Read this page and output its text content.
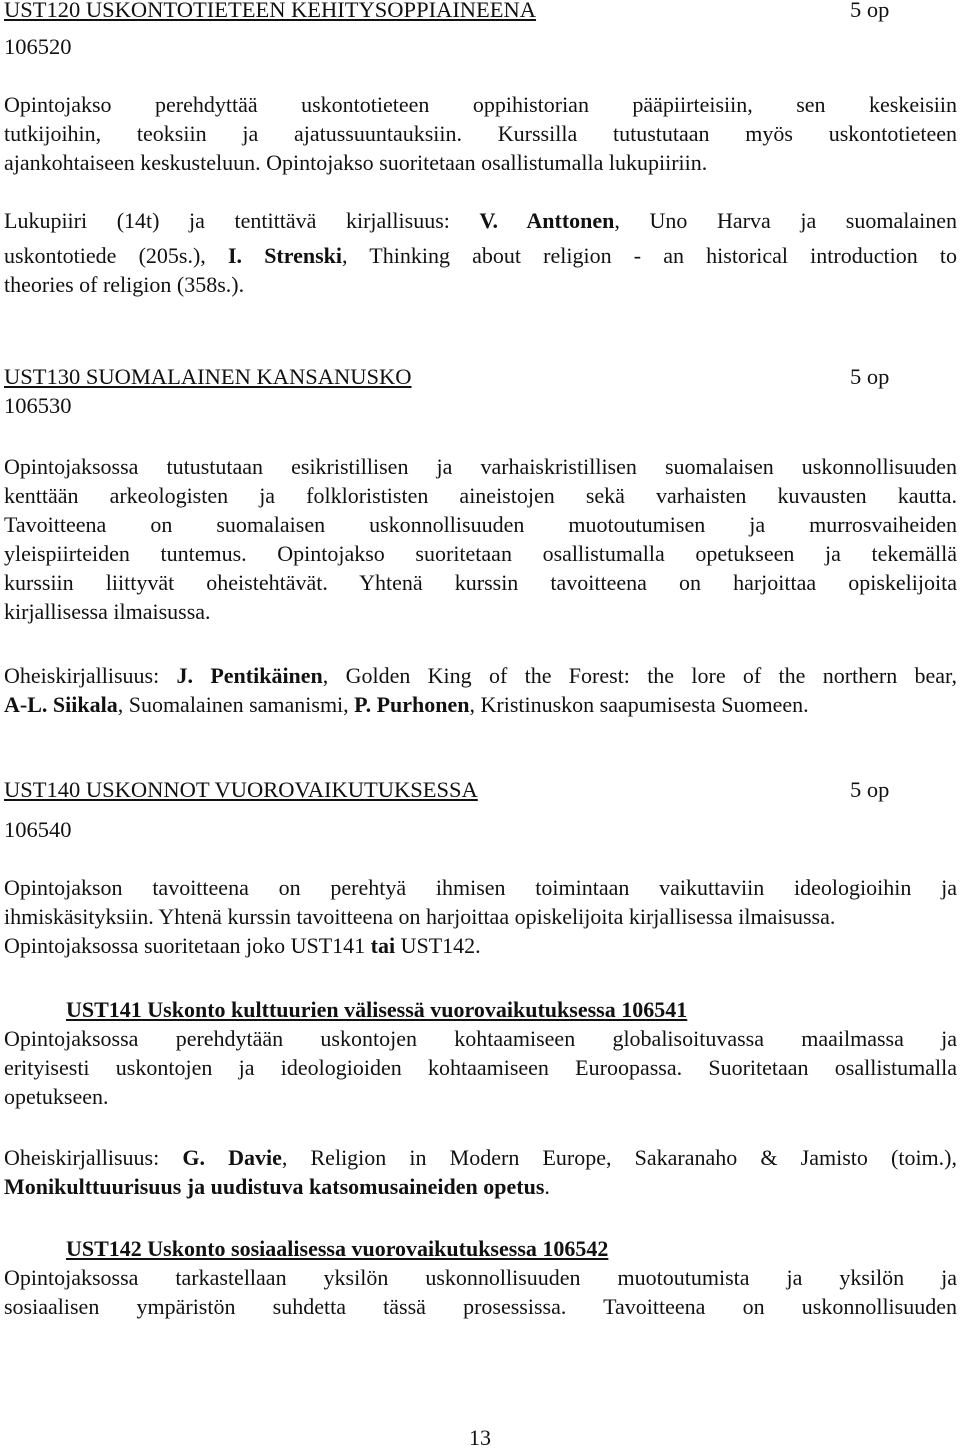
UST120 USKONTOTIETEEN KEHITYSOPPIAINEENA	5 op
106520
Opintojakso perehdyttää uskontotieteen oppihistorian pääpiirteisiin, sen keskeisiin
tutkijoihin, teoksiin ja ajatussuuntauksiin. Kurssilla tutustutaan myös uskontotieteen
ajankohtaiseen keskusteluun. Opintojakso suoritetaan osallistumalla lukupiiriin.
Lukupiiri (14t) ja tentittävä kirjallisuus: V. Anttonen, Uno Harva ja suomalainen
uskontotiede (205s.), I. Strenski, Thinking about religion - an historical introduction to
theories of religion (358s.).
UST130 SUOMALAINEN KANSANUSKO	5 op
106530
Opintojaksossa tutustutaan esikristillisen ja varhaiskristillisen suomalaisen uskonnollisuuden
kenttään arkeologisten ja folklorististen aineistojen sekä varhaisten kuvausten kautta.
Tavoitteena on suomalaisen uskonnollisuuden muotoutumisen ja murrosvaiheiden
yleispiirteiden tuntemus. Opintojakso suoritetaan osallistumalla opetukseen ja tekemällä
kurssiin liittyvät oheistehtävät. Yhtenä kurssin tavoitteena on harjoittaa opiskelijoita
kirjallisessa ilmaisussa.
Oheiskirjallisuus: J. Pentikäinen, Golden King of the Forest: the lore of the northern bear,
A-L. Siikala, Suomalainen samanismi, P. Purhonen, Kristinuskon saapumisesta Suomeen.
UST140 USKONNOT VUOROVAIKUTUKSESSA	5 op
106540
Opintojakson tavoitteena on perehtyä ihmisen toimintaan vaikuttaviin ideologioihin ja
ihmiskäsityksiin. Yhtenä kurssin tavoitteena on harjoittaa opiskelijoita kirjallisessa ilmaisussa.
Opintojaksossa suoritetaan joko UST141 tai UST142.
UST141 Uskonto kulttuurien välisessä vuorovaikutuksessa 106541
Opintojaksossa perehdytään uskontojen kohtaamiseen globalisoituvassa maailmassa ja
erityisesti uskontojen ja ideologioiden kohtaamiseen Euroopassa. Suoritetaan osallistumalla
opetukseen.
Oheiskirjallisuus: G. Davie, Religion in Modern Europe, Sakaranaho & Jamisto (toim.),
Monikulttuurisuus ja uudistuva katsomusaineiden opetus.
UST142 Uskonto sosiaalisessa vuorovaikutuksessa 106542
Opintojaksossa tarkastellaan yksilön uskonnollisuuden muotoutumista ja yksilön ja
sosiaalisen ympäristön suhdetta tässä prosessissa. Tavoitteena on uskonnollisuuden
13
